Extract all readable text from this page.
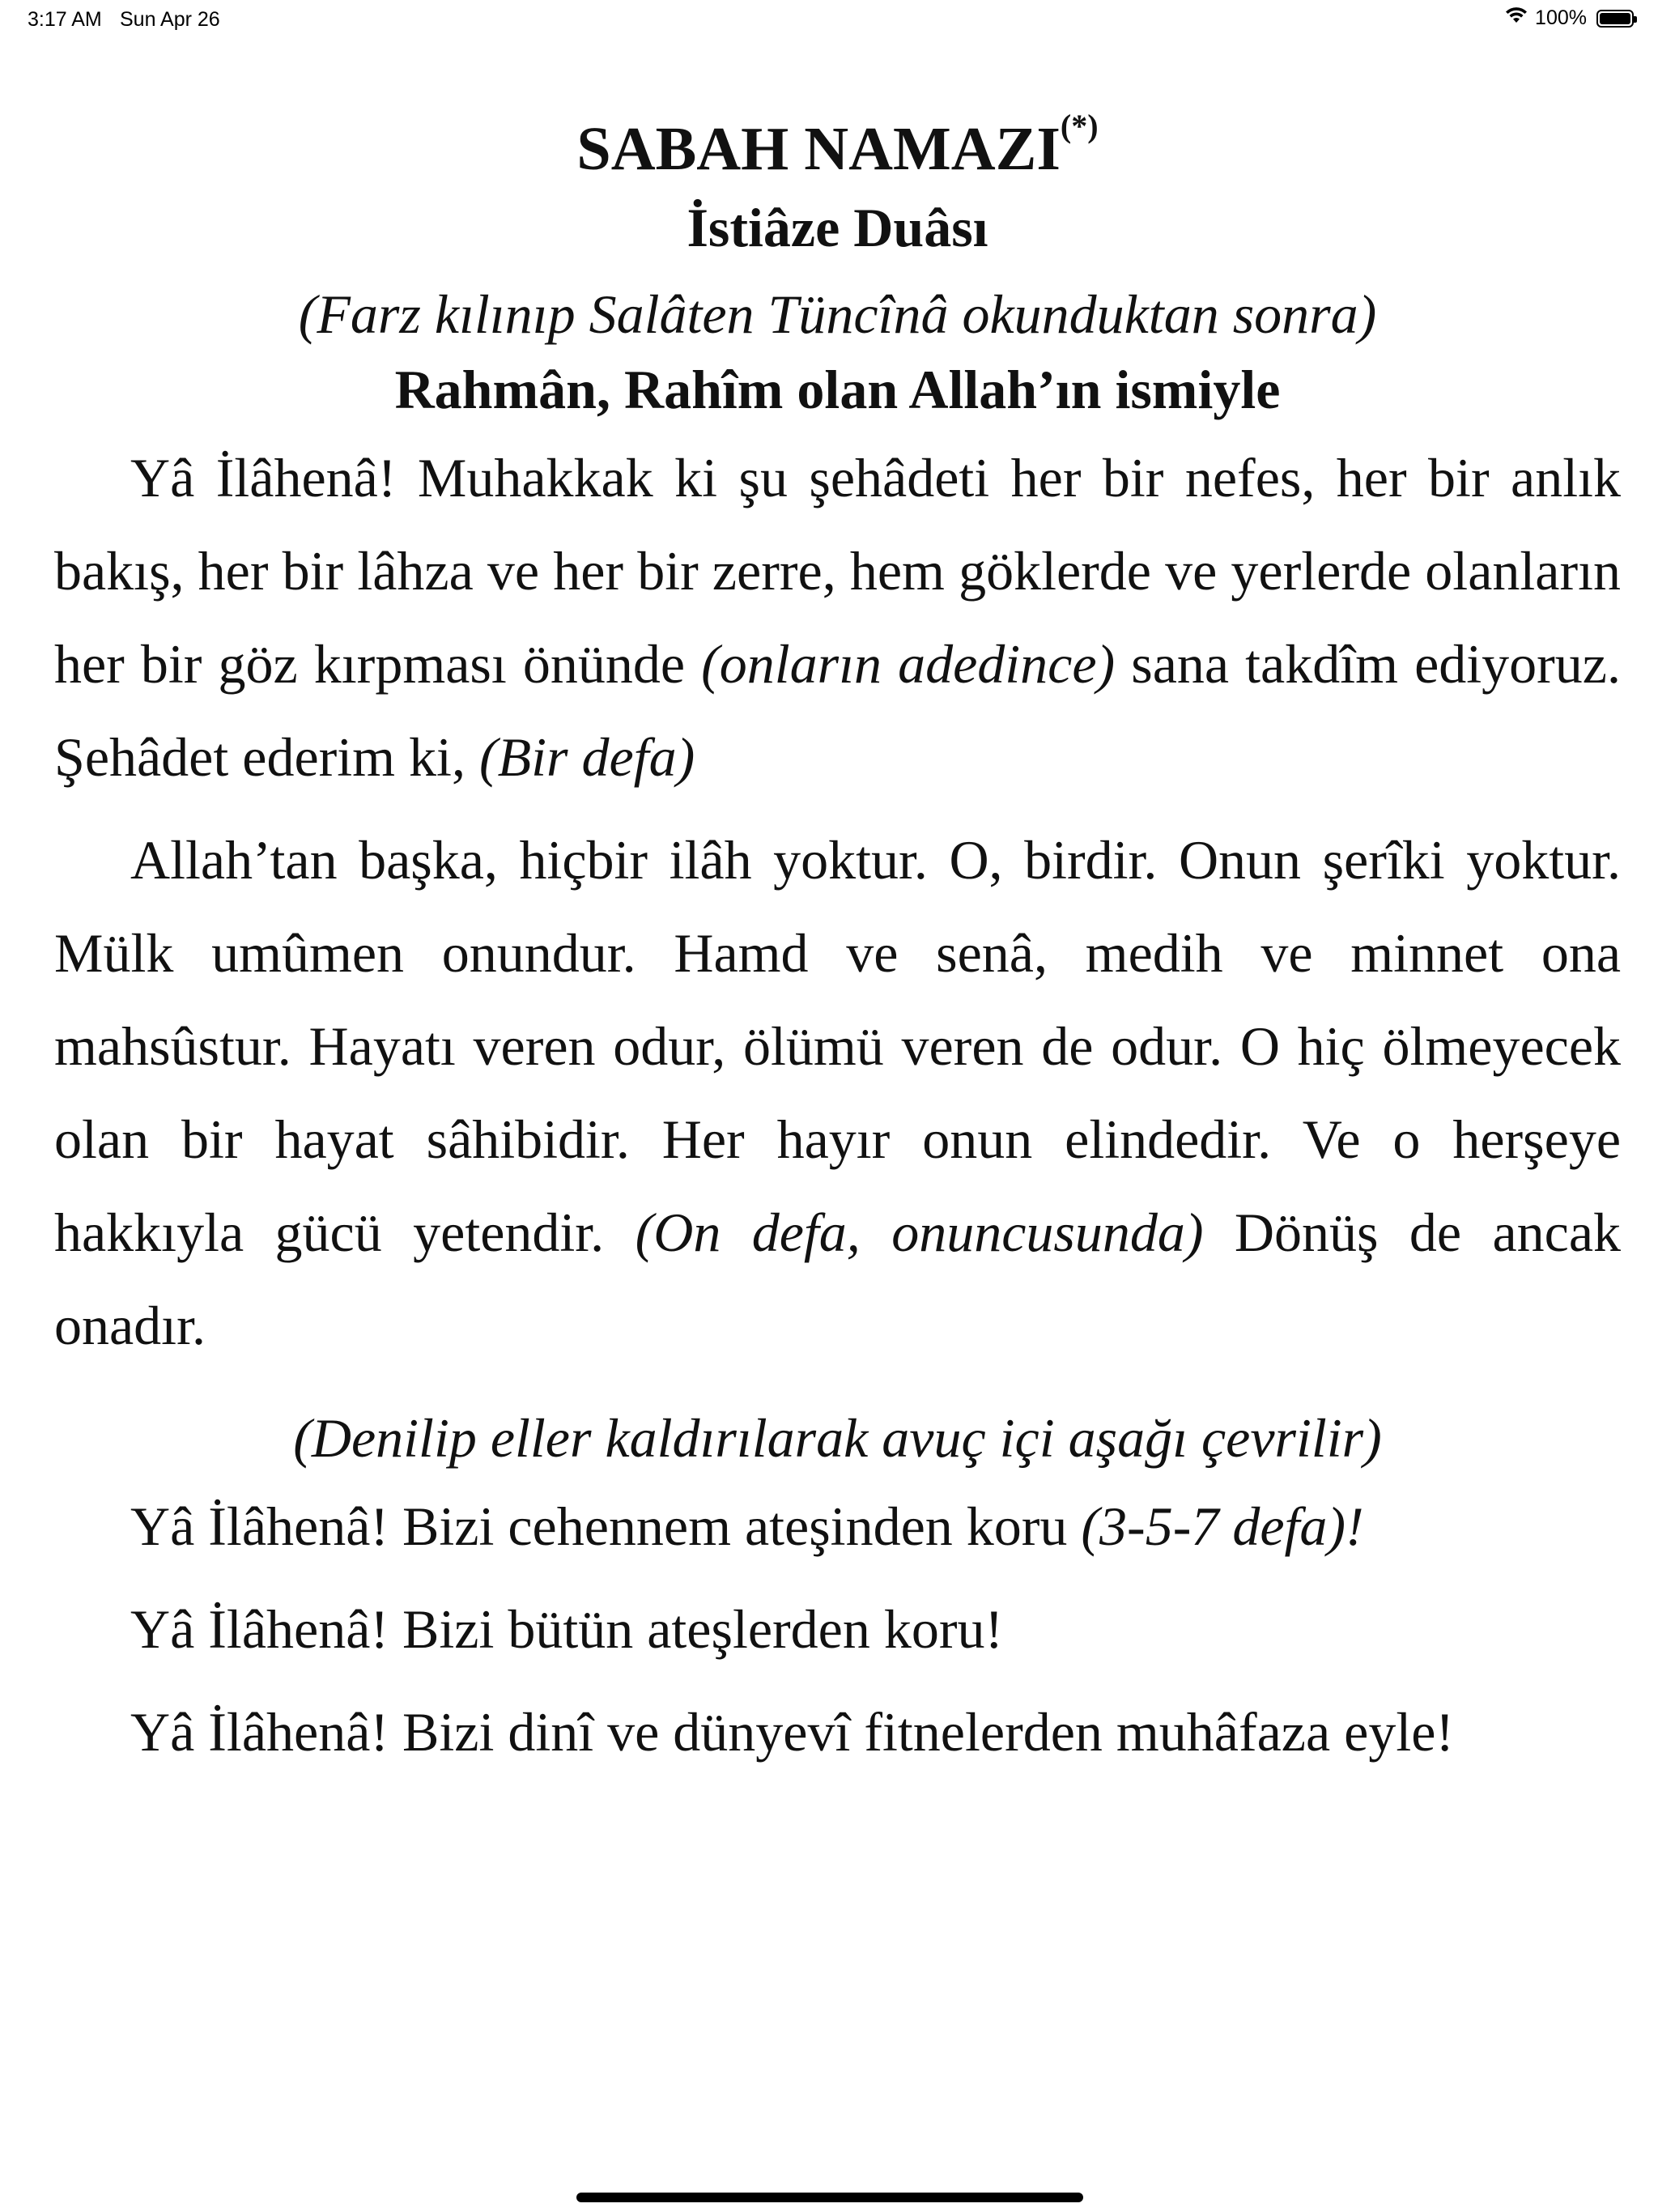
3:17 AM Sun Apr 26	100%
SABAH NAMAZI(*)
İstiâze Duâsı
(Farz kılınıp Salâten Tüncînâ okunduktan sonra)
Rahmân, Rahîm olan Allah’ın ismiyle

Yâ İlâhenâ! Muhakkak ki şu şehâdeti her bir nefes, her bir anlık bakış, her bir lâhza ve her bir zerre, hem göklerde ve yerlerde olanların her bir göz kırpması önünde (onların adedince) sana takdîm ediyoruz. Şehâdet ederim ki, (Bir defa)

Allah’tan başka, hiçbir ilâh yoktur. O, birdir. Onun şerîki yoktur. Mülk umûmen onundur. Hamd ve senâ, medih ve minnet ona mahsûstur. Hayatı veren odur, ölümü veren de odur. O hiç ölmeyecek olan bir hayat sâhibidir. Her hayır onun elindedir. Ve o herşeye hakkıyla gücü yetendir. (On defa, onuncusunda) Dönüş de ancak onadır.

(Denilip eller kaldırılarak avuç içi aşağı çevrilir)

Yâ İlâhenâ! Bizi cehennem ateşinden koru (3-5-7 defa)!

Yâ İlâhenâ! Bizi bütün ateşlerden koru!

Yâ İlâhenâ! Bizi dinî ve dünyevî fitnelerden muhâfaza eyle!
